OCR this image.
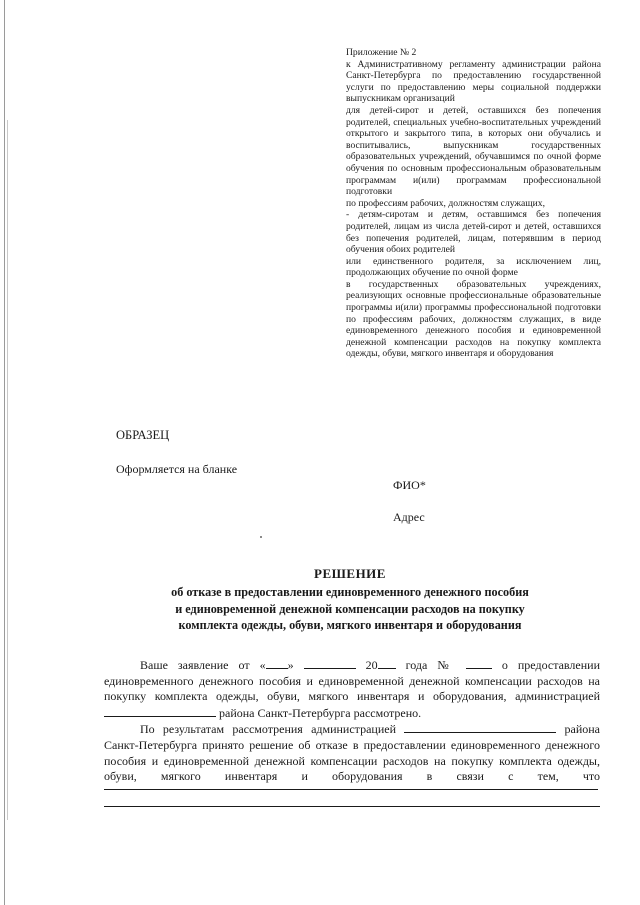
Приложение № 2
к Административному регламенту администрации района Санкт-Петербурга по предоставлению государственной услуги по предоставлению меры социальной поддержки выпускникам организаций
для детей-сирот и детей, оставшихся без попечения родителей, специальных учебно-воспитательных учреждений открытого и закрытого типа, в которых они обучались и воспитывались, выпускникам государственных образовательных учреждений, обучавшимся по очной форме обучения по основным профессиональным образовательным программам и(или) программам профессиональной подготовки
по профессиям рабочих, должностям служащих,
- детям-сиротам и детям, оставшимся без попечения родителей, лицам из числа детей-сирот и детей, оставшихся без попечения родителей, лицам, потерявшим в период обучения обоих родителей
или единственного родителя, за исключением лиц, продолжающих обучение по очной форме
в государственных образовательных учреждениях, реализующих основные профессиональные образовательные программы и(или) программы профессиональной подготовки по профессиям рабочих, должностям служащих, в виде единовременного денежного пособия и единовременной денежной компенсации расходов на покупку комплекта одежды, обуви, мягкого инвентаря и оборудования
ОБРАЗЕЦ
Оформляется на бланке
ФИО*
Адрес
РЕШЕНИЕ
об отказе в предоставлении единовременного денежного пособия
и единовременной денежной компенсации расходов на покупку
комплекта одежды, обуви, мягкого инвентаря и оборудования
Ваше заявление от « »	20 года №	о предоставлении единовременного денежного пособия и единовременной денежной компенсации расходов на покупку комплекта одежды, обуви, мягкого инвентаря и оборудования, администрацией  района Санкт-Петербурга рассмотрено.
По результатам рассмотрения администрацией	района Санкт-Петербурга принято решение об отказе в предоставлении единовременного денежного пособия и единовременной денежной компенсации расходов на покупку комплекта одежды, обуви, мягкого инвентаря и оборудования в связи с тем, что
